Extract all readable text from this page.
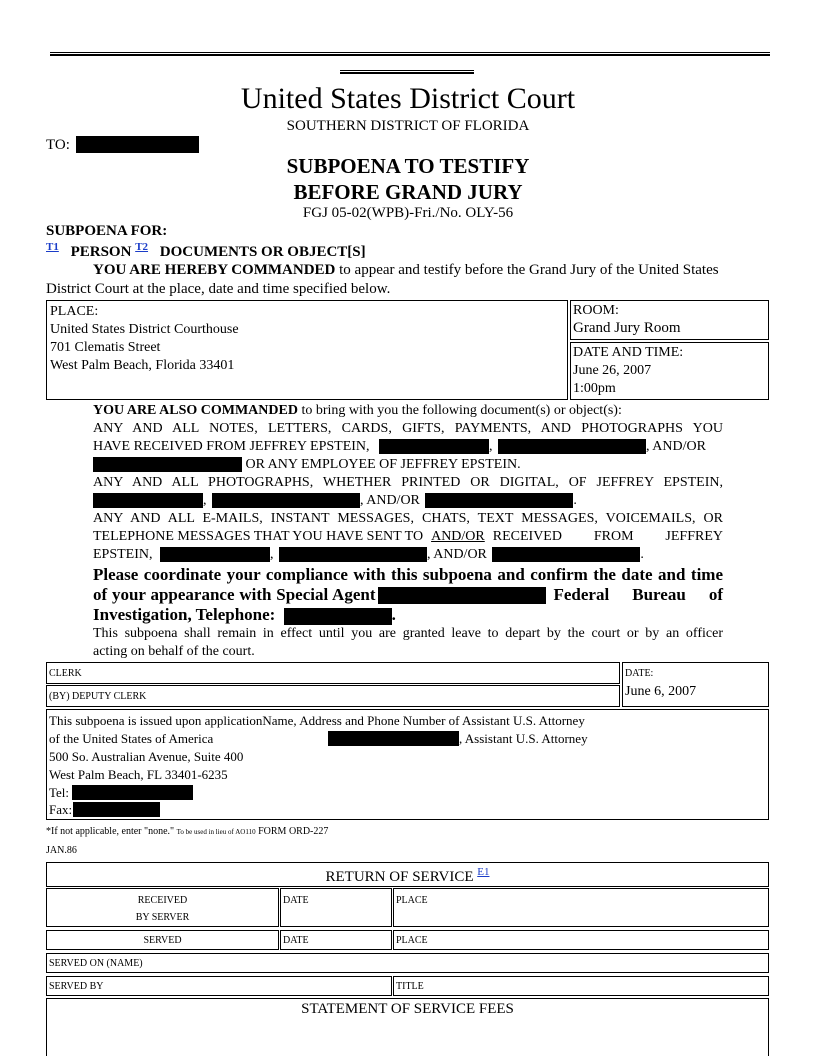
United States District Court
SOUTHERN DISTRICT OF FLORIDA
TO:
SUBPOENA TO TESTIFY
BEFORE GRAND JURY
FGJ 05-02(WPB)-Fri./No. OLY-56
SUBPOENA FOR:
$^{T1}$ PERSON $^{T2}$ DOCUMENTS OR OBJECT[S]
YOU ARE HEREBY COMMANDED to appear and testify before the Grand Jury of the United States
District Court at the place, date and time specified below.
PLACE:
United States District Courthouse
701 Clematis Street
West Palm Beach, Florida 33401
ROOM:
Grand Jury Room
DATE AND TIME:
June 26, 2007
1:00pm
YOU ARE ALSO COMMANDED to bring with you the following document(s) or object(s):
ANY AND ALL NOTES, LETTERS, CARDS, GIFTS, PAYMENTS, AND PHOTOGRAPHS YOU
HAVE RECEIVED FROM JEFFREY EPSTEIN,	,	, AND/OR
OR ANY EMPLOYEE OF JEFFREY EPSTEIN.
ANY AND ALL PHOTOGRAPHS, WHETHER PRINTED OR DIGITAL, OF JEFFREY EPSTEIN,
,	, AND/OR	.
ANY AND ALL E-MAILS, INSTANT MESSAGES, CHATS, TEXT MESSAGES, VOICEMAILS, OR
TELEPHONE MESSAGES THAT YOU HAVE SENT TO AND/OR RECEIVED FROM JEFFREY
EPSTEIN,	,	, AND/OR	.
Please coordinate your compliance with this subpoena and confirm the date and time
of your appearance with Special Agent	Federal Bureau of
Investigation, Telephone:	.
This subpoena shall remain in effect until you are granted leave to depart by the court or by an officer
acting on behalf of the court.
CLERK
(BY) DEPUTY CLERK
DATE:
June 6, 2007
This subpoena is issued upon applicationName, Address and Phone Number of Assistant U.S. Attorney
of the United States of America	, Assistant U.S. Attorney
500 So. Australian Avenue, Suite 400
West Palm Beach, FL 33401-6235
Tel:
Fax:
*If not applicable, enter "none." To be used in lieu of AO110 FORM ORD-227
JAN.86
RETURN OF SERVICE $^{E1}$
RECEIVED
BY SERVER
DATE	PLACE
SERVED	DATE	PLACE
SERVED ON (NAME)
SERVED BY	TITLE
STATEMENT OF SERVICE FEES
